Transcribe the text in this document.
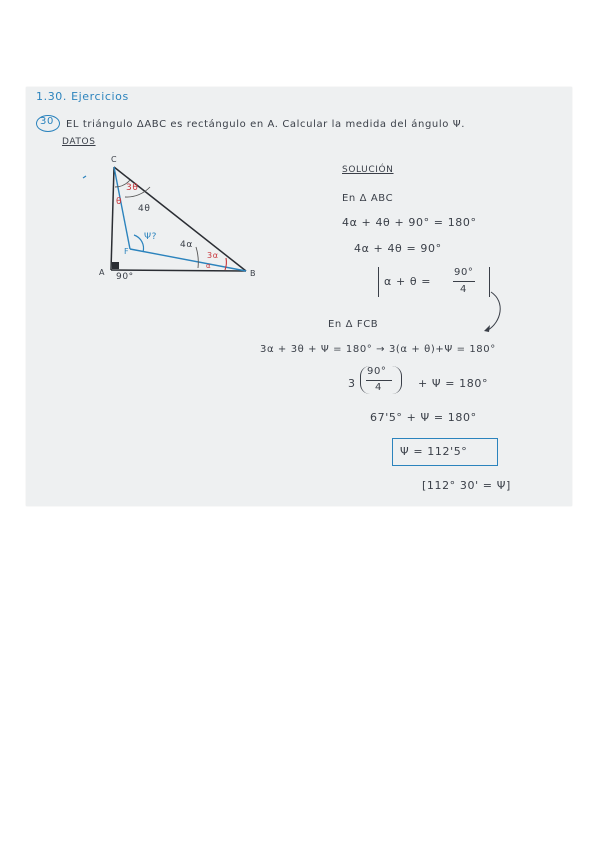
1.30. Ejercicios
30 EL triángulo ΔABC es rectángulo en A. Calcular la medida del ángulo Ψ.
DATOS
C
A	B
F
90°
3θ
θ
4θ
Ψ?
4α
3α
α
SOLUCIÓN
En Δ ABC
4α + 4θ + 90° = 180°
4α + 4θ = 90°
α + θ =
90°
4
En Δ FCB
3α + 3θ + Ψ = 180° → 3(α + θ)+Ψ = 180°
3
90°
4	+ Ψ = 180°
67'5° + Ψ = 180°
Ψ = 112'5°
[112° 30' = Ψ]
